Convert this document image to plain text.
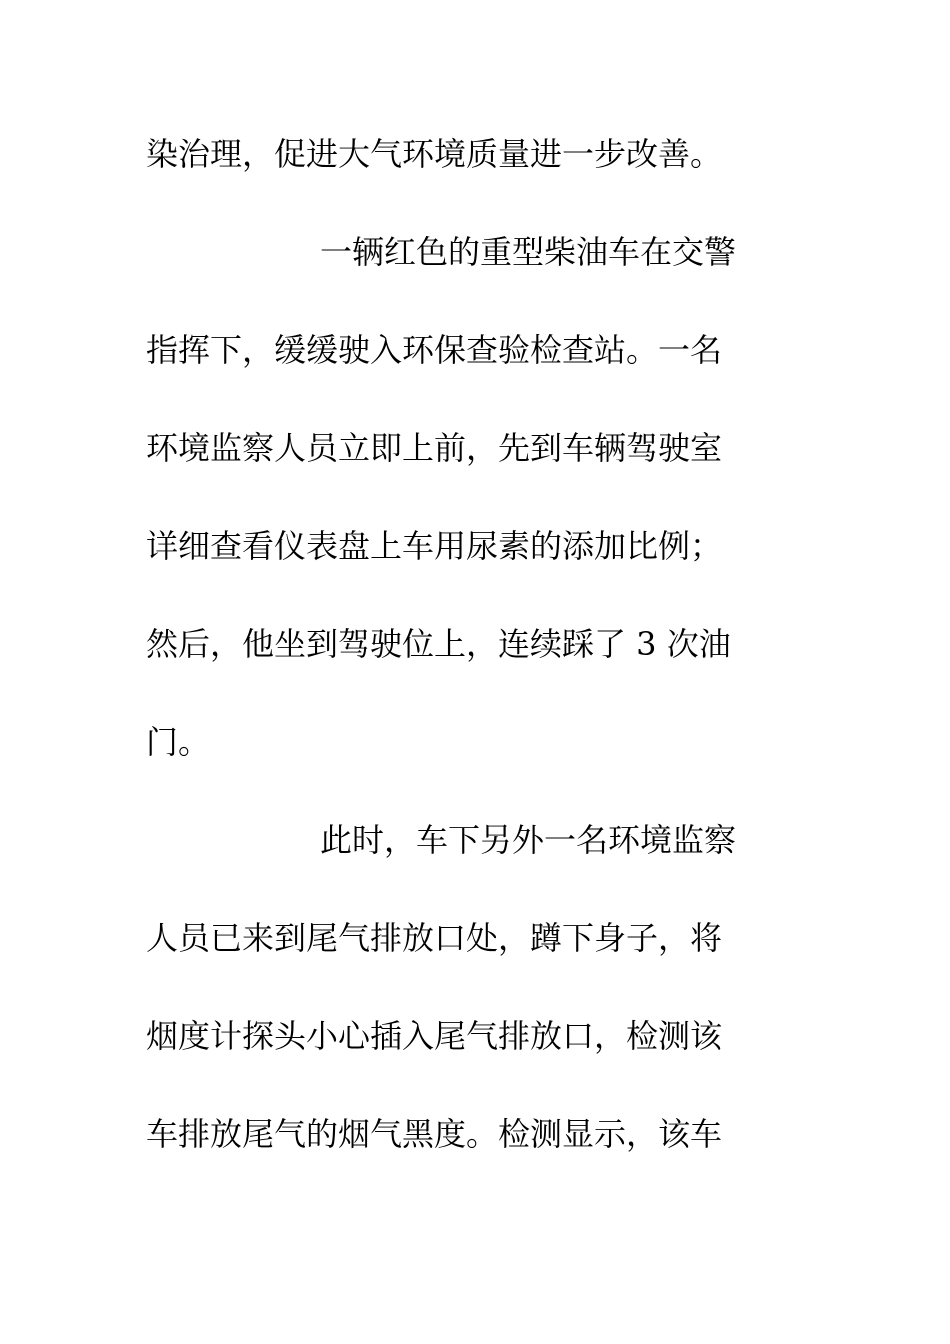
染治理，促进大气环境质量进一步改善。
一辆红色的重型柴油车在交警
指挥下，缓缓驶入环保查验检查站。一名
环境监察人员立即上前，先到车辆驾驶室
详细查看仪表盘上车用尿素的添加比例；
然后，他坐到驾驶位上，连续踩了 3 次油
门。
此时，车下另外一名环境监察
人员已来到尾气排放口处，蹲下身子，将
烟度计探头小心插入尾气排放口，检测该
车排放尾气的烟气黑度。检测显示，该车
